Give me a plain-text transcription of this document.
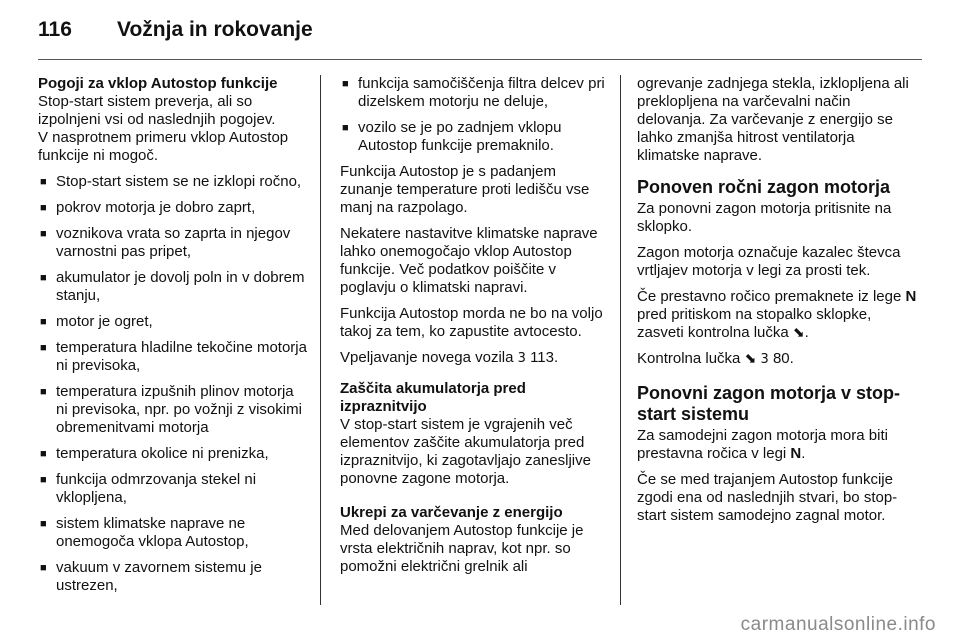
116	Vožnja in rokovanje
Pogoji za vklop Autostop funkcije

Stop-start sistem preverja, ali so izpolnjeni vsi od naslednjih pogojev.

V nasprotnem primeru vklop Autostop funkcije ni mogoč.

■ Stop-start sistem se ne izklopi ročno,
■ pokrov motorja je dobro zaprt,
■ voznikova vrata so zaprta in njegov varnostni pas pripet,
■ akumulator je dovolj poln in v dobrem stanju,
■ motor je ogret,
■ temperatura hladilne tekočine motorja ni previsoka,
■ temperatura izpušnih plinov motorja ni previsoka, npr. po vožnji z visokimi obremenitvami motorja
■ temperatura okolice ni prenizka,
■ funkcija odmrzovanja stekel ni vklopljena,
■ sistem klimatske naprave ne onemogoča vklopa Autostop,
■ vakuum v zavornem sistemu je ustrezen,
■ funkcija samočiščenja filtra delcev pri dizelskem motorju ne deluje,
■ vozilo se je po zadnjem vklopu Autostop funkcije premaknilo.

Funkcija Autostop je s padanjem zunanje temperature proti ledišču vse manj na razpolago.

Nekatere nastavitve klimatske naprave lahko onemogočajo vklop Autostop funkcije. Več podatkov poiščite v poglavju o klimatski napravi.

Funkcija Autostop morda ne bo na voljo takoj za tem, ko zapustite avtocesto.

Vpeljavanje novega vozila 3 113.

Zaščita akumulatorja pred izpraznitvijo

V stop-start sistem je vgrajenih več elementov zaščite akumulatorja pred izpraznitvijo, ki zagotavljajo zanesljive ponovne zagone motorja.

Ukrepi za varčevanje z energijo

Med delovanjem Autostop funkcije je vrsta električnih naprav, kot npr. so pomožni električni grelnik ali

ogrevanje zadnjega stekla, izklopljena ali preklopljena na varčevalni način delovanja. Za varčevanje z energijo se lahko zmanjša hitrost ventilatorja klimatske naprave.

Ponoven ročni zagon motorja

Za ponovni zagon motorja pritisnite na sklopko.

Zagon motorja označuje kazalec števca vrtljajev motorja v legi za prosti tek.

Če prestavno ročico premaknete iz lege N pred pritiskom na stopalko sklopke, zasveti kontrolna lučka ⬊.

Kontrolna lučka ⬊ 3 80.

Ponovni zagon motorja v stop-start sistemu

Za samodejni zagon motorja mora biti prestavna ročica v legi N.

Če se med trajanjem Autostop funkcije zgodi ena od naslednjih stvari, bo stop-start sistem samodejno zagnal motor.

carmanualsonline.info
